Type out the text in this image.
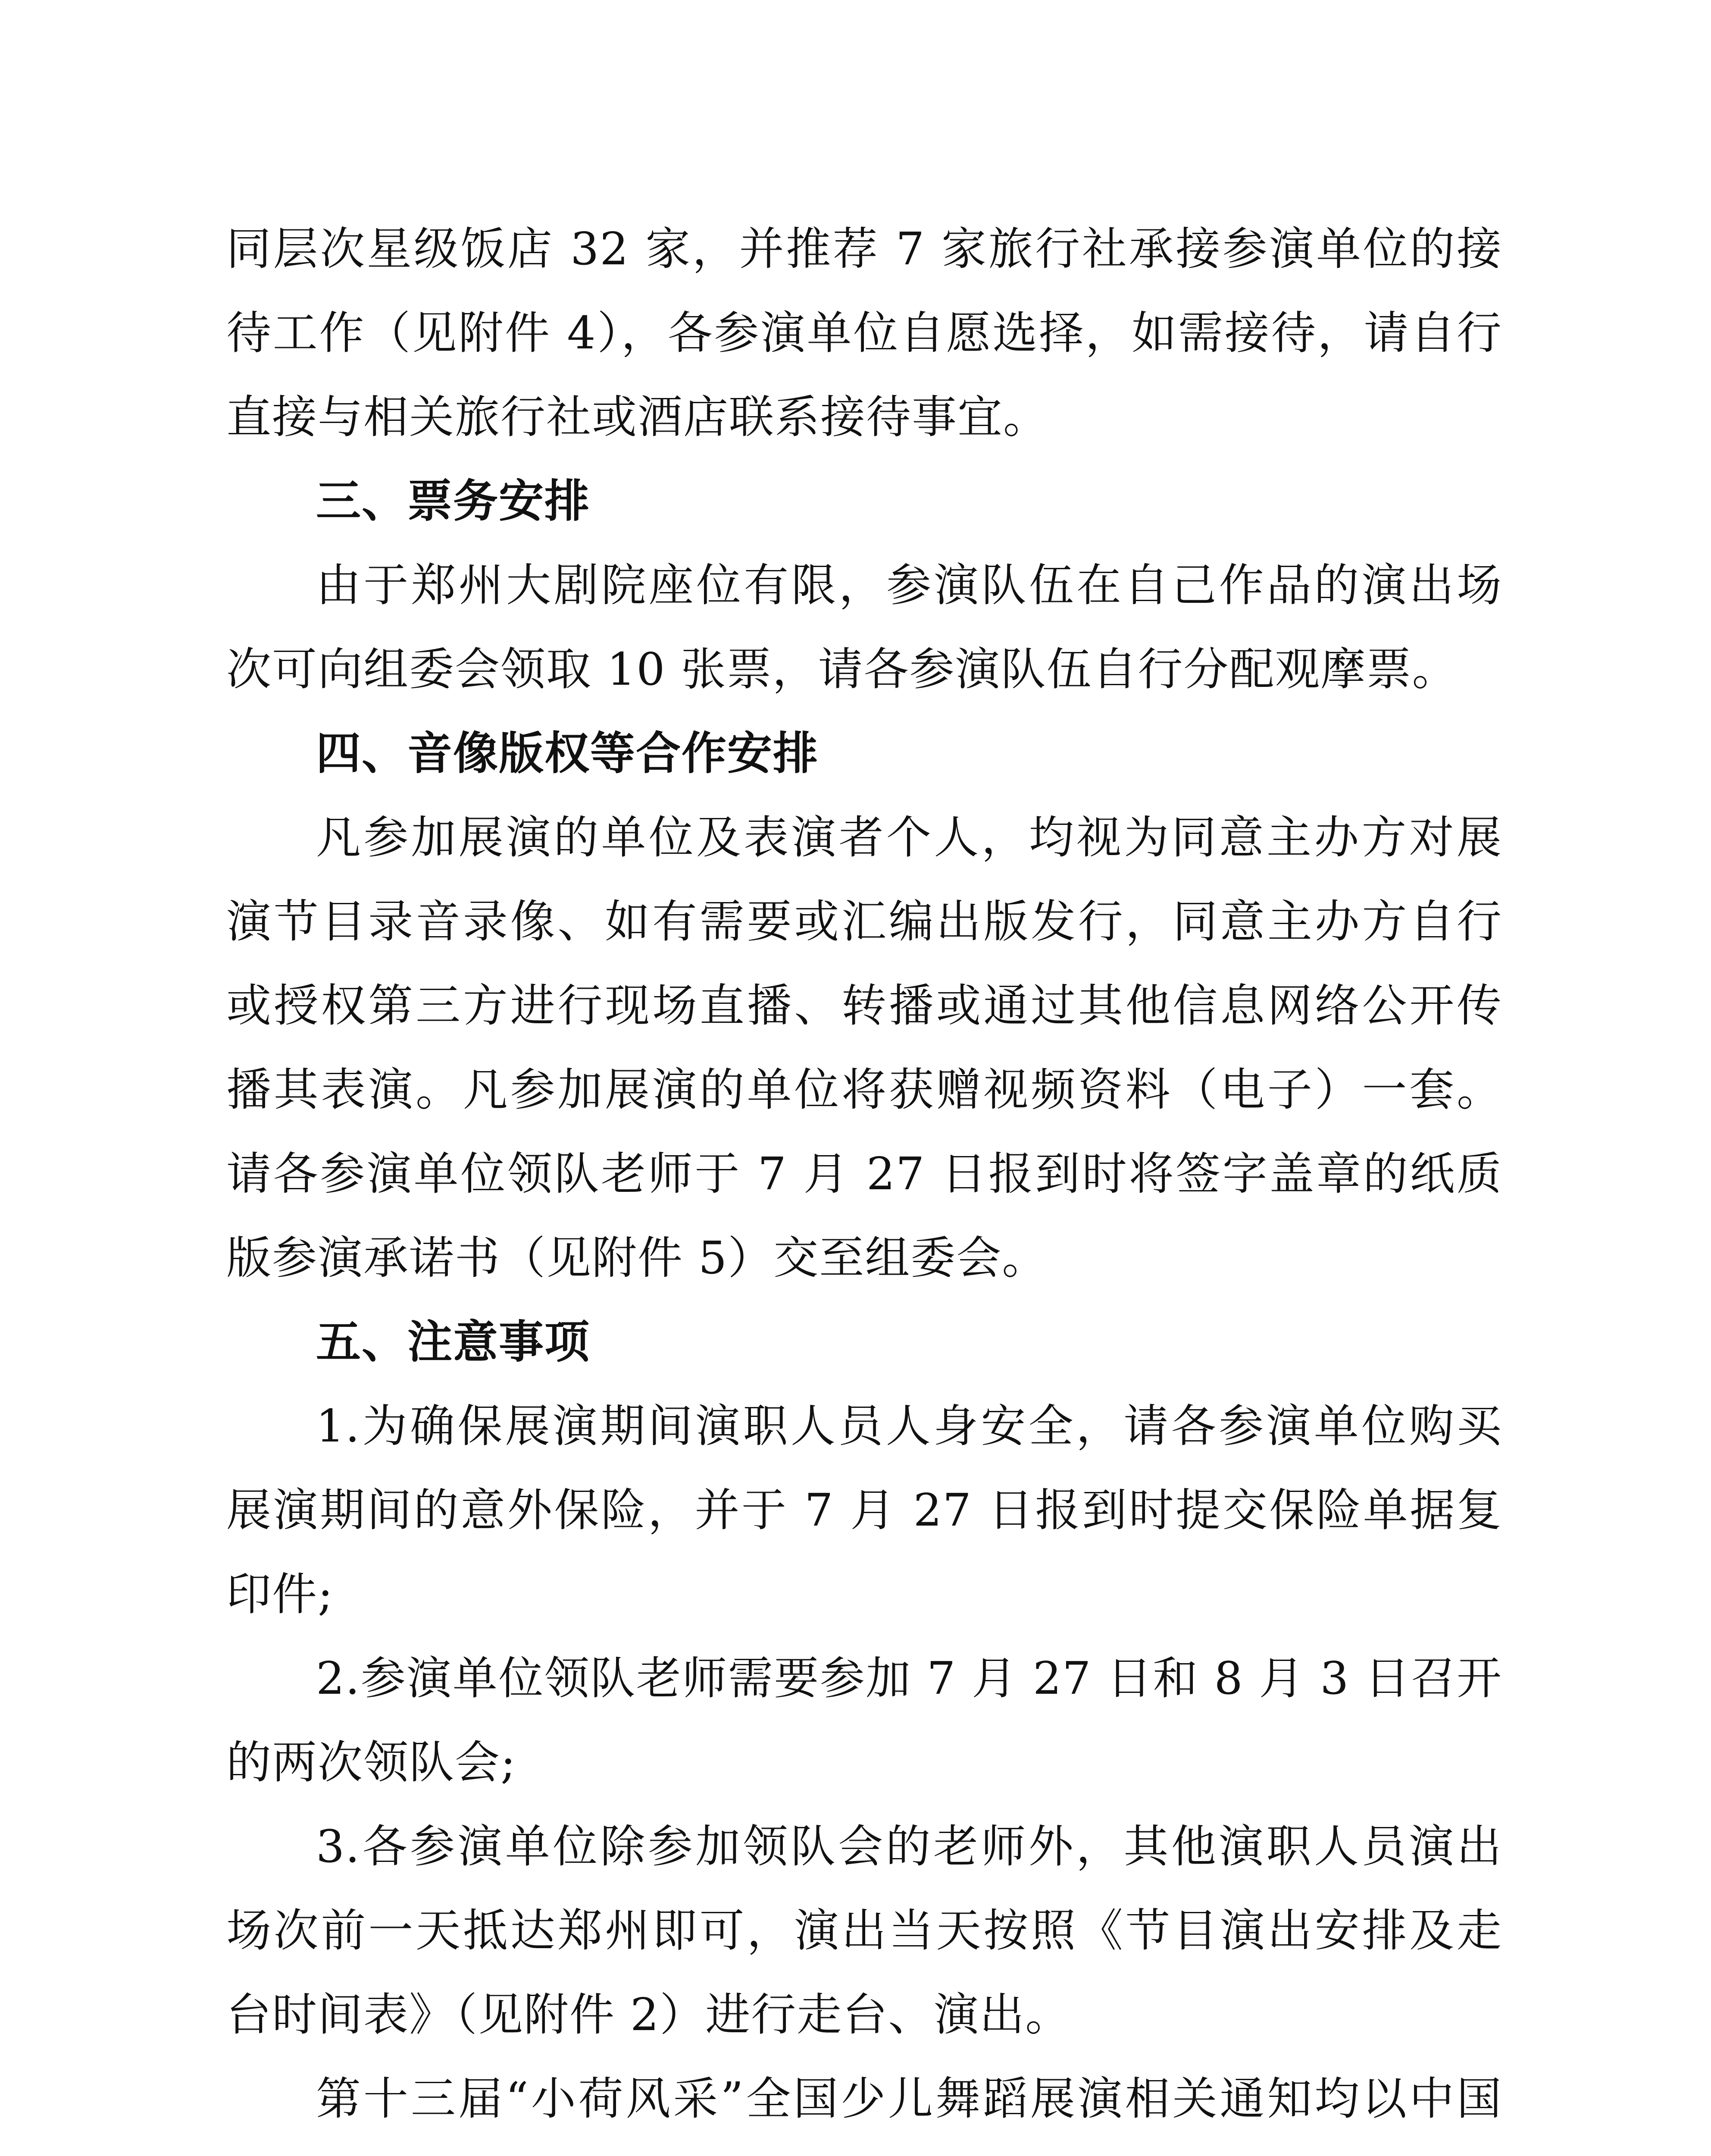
同层次星级饭店 32 家，并推荐 7 家旅行社承接参演单位的接待工作（见附件 4），各参演单位自愿选择，如需接待，请自行直接与相关旅行社或酒店联系接待事宜。

三、票务安排

由于郑州大剧院座位有限，参演队伍在自己作品的演出场次可向组委会领取 10 张票，请各参演队伍自行分配观摩票。

四、音像版权等合作安排

凡参加展演的单位及表演者个人，均视为同意主办方对展演节目录音录像、如有需要或汇编出版发行，同意主办方自行或授权第三方进行现场直播、转播或通过其他信息网络公开传播其表演。凡参加展演的单位将获赠视频资料（电子）一套。请各参演单位领队老师于 7 月 27 日报到时将签字盖章的纸质版参演承诺书（见附件 5）交至组委会。

五、注意事项

1.为确保展演期间演职人员人身安全，请各参演单位购买展演期间的意外保险，并于 7 月 27 日报到时提交保险单据复印件;

2.参演单位领队老师需要参加 7 月 27 日和 8 月 3 日召开的两次领队会;

3.各参演单位除参加领队会的老师外，其他演职人员演出场次前一天抵达郑州即可，演出当天按照《节目演出安排及走台时间表》（见附件 2）进行走台、演出。

第十三届“小荷风采”全国少儿舞蹈展演相关通知均以中国
